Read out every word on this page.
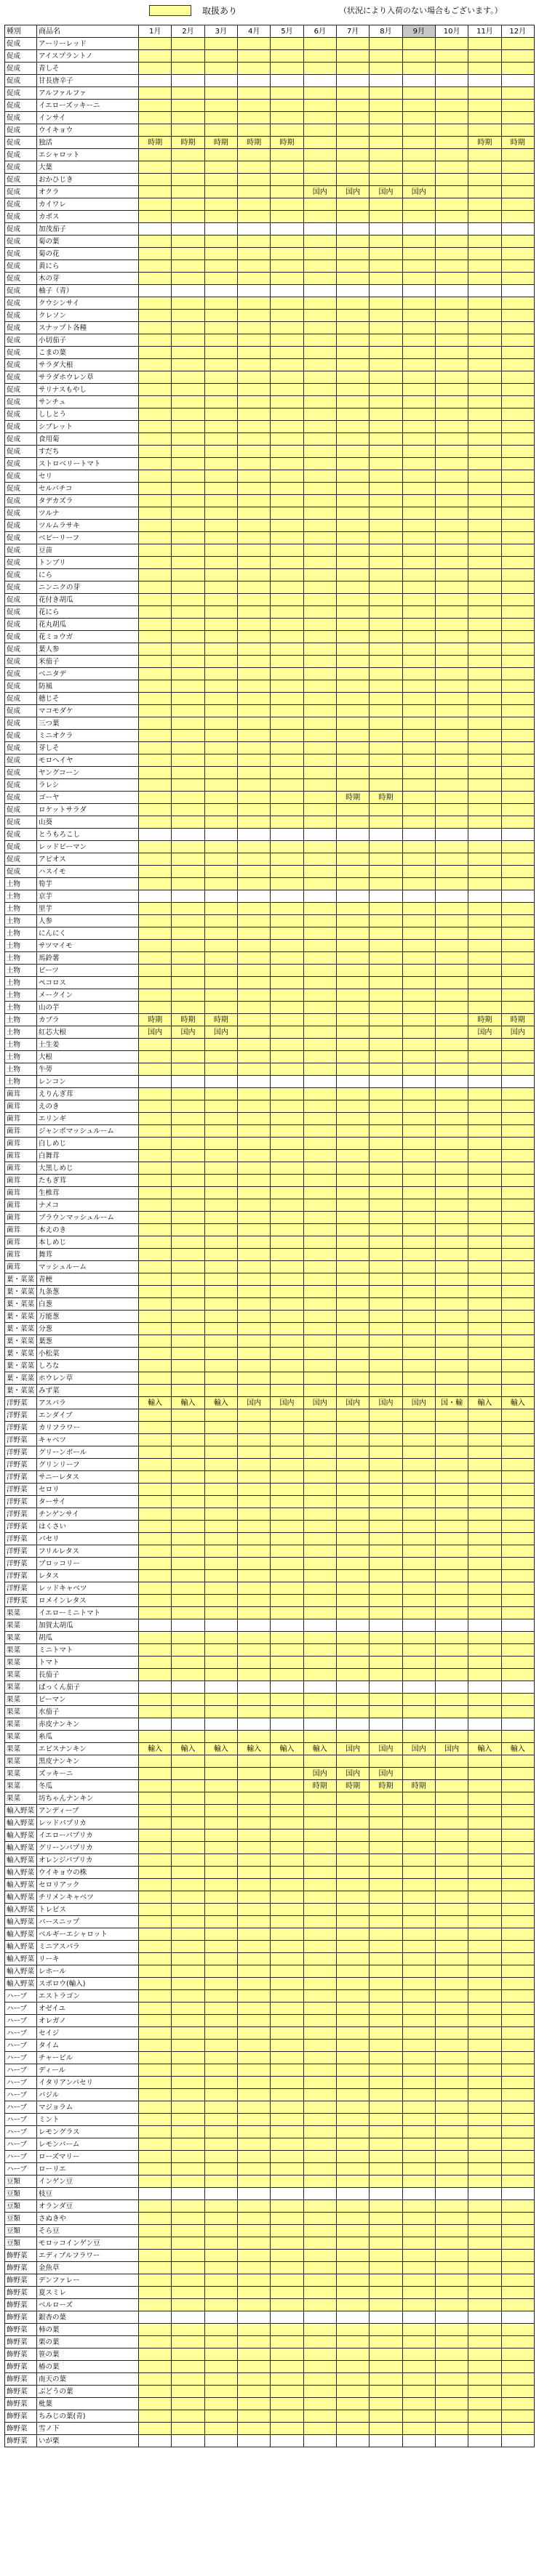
取扱あり	（状況により入荷のない場合もございます。）
種別	商品名	1月	2月	3月	4月	5月	6月	7月	8月	9月	10月	11月	12月
促成	アーリーレッド												
促成	アイスプラントノ												
促成	青しそ												
促成	甘長唐辛子												
促成	アルファルファ												
促成	イエローズッキーニ												
促成	インサイ												
促成	ウイキョウ												
促成	独活	時期	時期	時期	時期	時期						時期	時期
促成	エシャロット												
促成	大葉												
促成	おかひじき												
促成	オクラ						国内	国内	国内	国内			
促成	カイワレ												
促成	カボス												
促成	加茂茄子												
促成	菊の葉												
促成	菊の花												
促成	黄にら												
促成	木の芽												
促成	柚子（青）												
促成	クウシンサイ												
促成	クレソン												
促成	スナップト各種												
促成	小切茄子												
促成	こまの葉												
促成	サラダ大根												
促成	サラダホウレン草												
促成	サリナスもやし												
促成	サンチュ												
促成	ししとう												
促成	シブレット												
促成	食用菊												
促成	すだち												
促成	ストロベリートマト												
促成	セリ												
促成	セルバチコ												
促成	タデカズラ												
促成	ツルナ												
促成	ツルムラサキ												
促成	ベビーリーフ												
促成	豆苗												
促成	トンブリ												
促成	にら												
促成	ニンニクの芽												
促成	花付き胡瓜												
促成	花にら												
促成	花丸胡瓜												
促成	花ミョウガ												
促成	葉人参												
促成	米茄子												
促成	ベニタデ												
促成	防風												
促成	穂じそ												
促成	マコモダケ												
促成	三つ葉												
促成	ミニオクラ												
促成	芽しそ												
促成	モロヘイヤ												
促成	ヤングコーン												
促成	ラレシ												
促成	ゴーヤ							時期	時期				
促成	ロケットサラダ												
促成	山葵												
促成	とうもろこし												
促成	レッドピーマン												
促成	アピオス												
促成	ハスイモ												
土物	筍芋												
土物	京芋												
土物	里芋												
土物	人参												
土物	にんにく												
土物	サツマイモ												
土物	馬鈴薯												
土物	ビーツ												
土物	ペコロス												
土物	メークイン												
土物	山の芋												
土物	カブラ	時期	時期	時期								時期	時期
土物	紅芯大根	国内	国内	国内								国内	国内
土物	土生姜												
土物	大根												
土物	牛蒡												
土物	レンコン												
菌茸	えりんぎ茸												
菌茸	えのき												
菌茸	エリンギ												
菌茸	ジャンボマッシュルーム												
菌茸	白しめじ												
菌茸	白舞茸												
菌茸	大黒しめじ												
菌茸	たもぎ茸												
菌茸	生椎茸												
菌茸	ナメコ												
菌茸	ブラウンマッシュルーム												
菌茸	本えのき												
菌茸	本しめじ												
菌茸	舞茸												
菌茸	マッシュルーム												
葉・菜菜	青梗												
葉・菜菜	九条葱												
葉・菜菜	白葱												
葉・菜菜	万能葱												
葉・菜菜	分葱												
葉・菜菜	葉葱												
葉・菜菜	小松菜												
葉・菜菜	しろな												
葉・菜菜	ホウレン草												
葉・菜菜	みず菜												
洋野菜	アスパラ	輸入	輸入	輸入	国内	国内	国内	国内	国内	国内	国・輸	輸入	輸入
洋野菜	エンダイブ												
洋野菜	カリフラワー												
洋野菜	キャベツ												
洋野菜	グリーンボール												
洋野菜	グリンリーフ												
洋野菜	サニーレタス												
洋野菜	セロリ												
洋野菜	ターサイ												
洋野菜	チンゲンサイ												
洋野菜	はくさい												
洋野菜	パセリ												
洋野菜	フリルレタス												
洋野菜	ブロッコリー												
洋野菜	レタス												
洋野菜	レッドキャベツ												
洋野菜	ロメインレタス												
果菜	イエローミニトマト												
果菜	加賀太胡瓜												
果菜	胡瓜												
果菜	ミニトマト												
果菜	トマト												
果菜	長茄子												
果菜	ぱっくん茄子												
果菜	ピーマン												
果菜	水茄子												
果菜	赤皮ナンキン												
果菜	糸瓜												
果菜	エビスナンキン	輸入	輸入	輸入	輸入	輸入	輸入	国内	国内	国内	国内	輸入	輸入
果菜	黒皮ナンキン												
果菜	ズッキーニ						国内	国内	国内				
果菜	冬瓜						時期	時期	時期	時期			
果菜	坊ちゃんナンキン												
輸入野菜	アンディーブ												
輸入野菜	レッドパプリカ												
輸入野菜	イエローパプリカ												
輸入野菜	グリーンパプリカ												
輸入野菜	オレンジパプリカ												
輸入野菜	ウイキョウの株												
輸入野菜	セロリアック												
輸入野菜	チリメンキャベツ												
輸入野菜	トレビス												
輸入野菜	パースニップ												
輸入野菜	ベルギーエシャロット												
輸入野菜	ミニアスパラ												
輸入野菜	リーキ												
輸入野菜	レホール												
輸入野菜	スポロウ(輸入)												
ハーブ	エストラゴン												
ハーブ	オゼイユ												
ハーブ	オレガノ												
ハーブ	セイジ												
ハーブ	タイム												
ハーブ	チャービル												
ハーブ	ディール												
ハーブ	イタリアンパセリ												
ハーブ	バジル												
ハーブ	マジョラム												
ハーブ	ミント												
ハーブ	レモングラス												
ハーブ	レモンバーム												
ハーブ	ローズマリー												
ハーブ	ローリエ												
豆類	インゲン豆												
豆類	枝豆												
豆類	オランダ豆												
豆類	さぬきや												
豆類	そら豆												
豆類	モロッコインゲン豆												
飾野菜	エディブルフラワー												
飾野菜	金魚草												
飾野菜	デンファレー												
飾野菜	夏スミレ												
飾野菜	ベルローズ												
飾野菜	銀杏の葉												
飾野菜	柿の葉												
飾野菜	栗の葉												
飾野菜	笹の葉												
飾野菜	椿の葉												
飾野菜	南天の葉												
飾野菜	ぶどうの葉												
飾野菜	枇葉												
飾野菜	ちみじの葉(青)												
飾野菜	雪ノ下												
飾野菜	いが栗												
